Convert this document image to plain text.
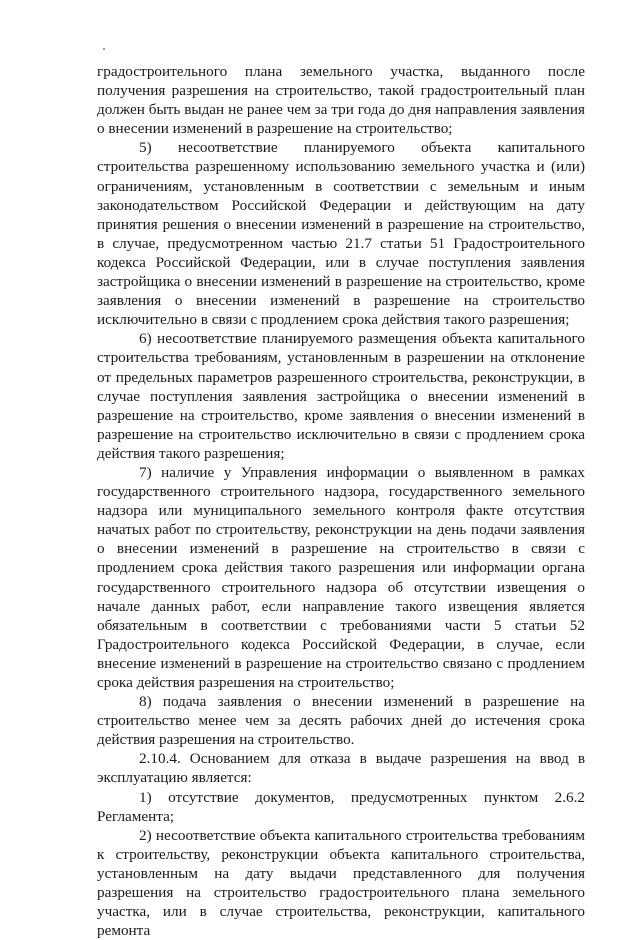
градостроительного плана земельного участка, выданного после получения разрешения на строительство, такой градостроительный план должен быть выдан не ранее чем за три года до дня направления заявления о внесении изменений в разрешение на строительство;

5) несоответствие планируемого объекта капитального строительства разрешенному использованию земельного участка и (или) ограничениям, установленным в соответствии с земельным и иным законодательством Российской Федерации и действующим на дату принятия решения о внесении изменений в разрешение на строительство, в случае, предусмотренном частью 21.7 статьи 51 Градостроительного кодекса Российской Федерации, или в случае поступления заявления застройщика о внесении изменений в разрешение на строительство, кроме заявления о внесении изменений в разрешение на строительство исключительно в связи с продлением срока действия такого разрешения;

6) несоответствие планируемого размещения объекта капитального строительства требованиям, установленным в разрешении на отклонение от предельных параметров разрешенного строительства, реконструкции, в случае поступления заявления застройщика о внесении изменений в разрешение на строительство, кроме заявления о внесении изменений в разрешение на строительство исключительно в связи с продлением срока действия такого разрешения;

7) наличие у Управления информации о выявленном в рамках государственного строительного надзора, государственного земельного надзора или муниципального земельного контроля факте отсутствия начатых работ по строительству, реконструкции на день подачи заявления о внесении изменений в разрешение на строительство в связи с продлением срока действия такого разрешения или информации органа государственного строительного надзора об отсутствии извещения о начале данных работ, если направление такого извещения является обязательным в соответствии с требованиями части 5 статьи 52 Градостроительного кодекса Российской Федерации, в случае, если внесение изменений в разрешение на строительство связано с продлением срока действия разрешения на строительство;

8) подача заявления о внесении изменений в разрешение на строительство менее чем за десять рабочих дней до истечения срока действия разрешения на строительство.

2.10.4. Основанием для отказа в выдаче разрешения на ввод в эксплуатацию является:

1) отсутствие документов, предусмотренных пунктом 2.6.2 Регламента;

2) несоответствие объекта капитального строительства требованиям к строительству, реконструкции объекта капитального строительства, установленным на дату выдачи представленного для получения разрешения на строительство градостроительного плана земельного участка, или в случае строительства, реконструкции, капитального ремонта
